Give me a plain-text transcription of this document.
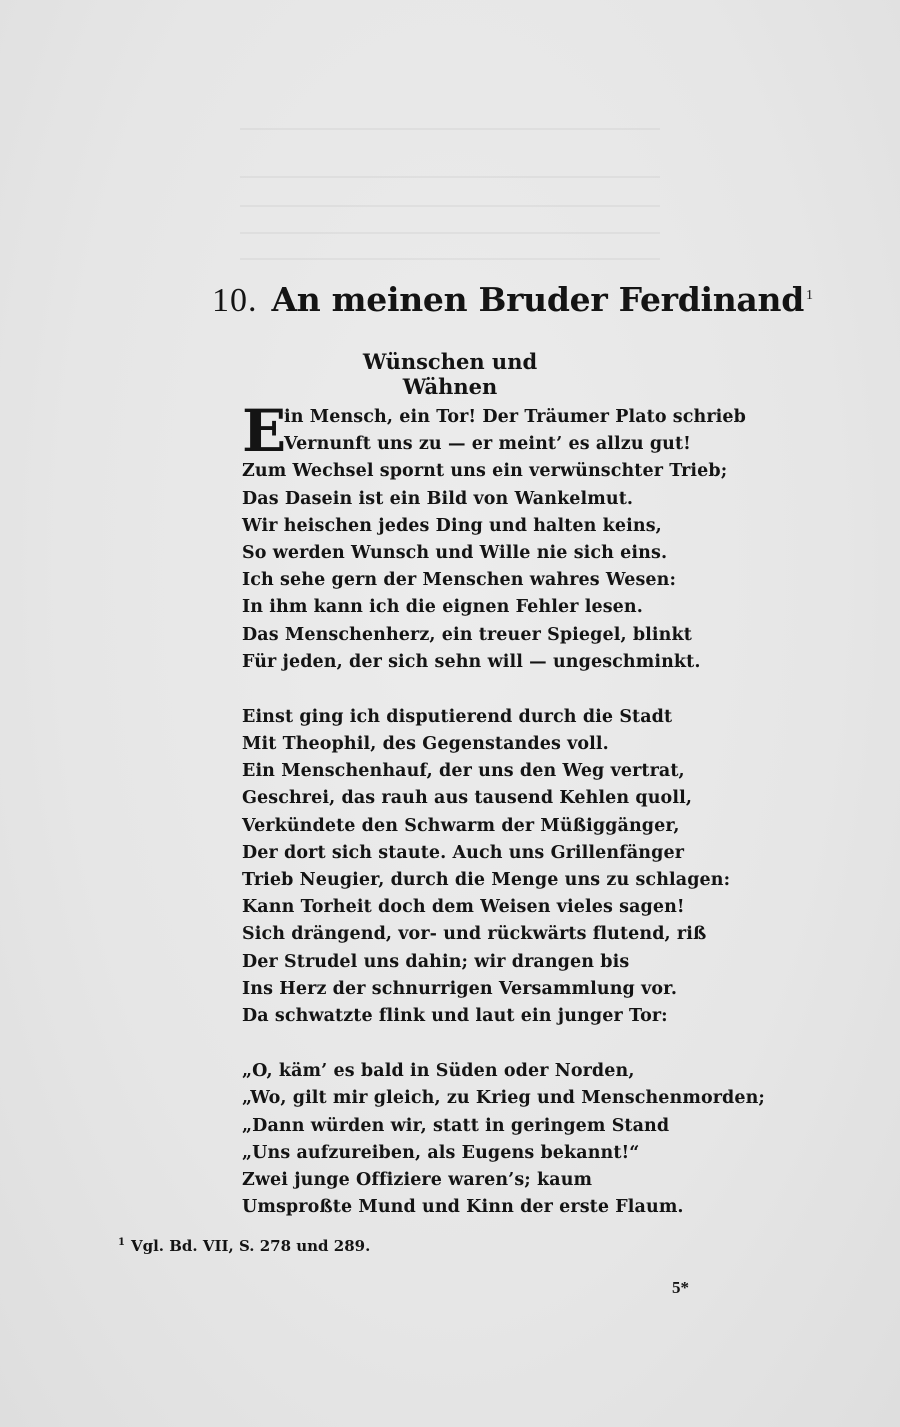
10. An meinen Bruder Ferdinand $^1$
Wünschen und Wähnen
E
in Mensch, ein Tor! Der Träumer Plato schrieb
Vernunft uns zu — er meint’ es allzu gut!
Zum Wechsel spornt uns ein verwünschter Trieb;
Das Dasein ist ein Bild von Wankelmut.
Wir heischen jedes Ding und halten keins,
So werden Wunsch und Wille nie sich eins.
Ich sehe gern der Menschen wahres Wesen:
In ihm kann ich die eignen Fehler lesen.
Das Menschenherz, ein treuer Spiegel, blinkt
Für jeden, der sich sehn will — ungeschminkt.
Einst ging ich disputierend durch die Stadt
Mit Theophil, des Gegenstandes voll.
Ein Menschenhauf, der uns den Weg vertrat,
Geschrei, das rauh aus tausend Kehlen quoll,
Verkündete den Schwarm der Müßiggänger,
Der dort sich staute. Auch uns Grillenfänger
Trieb Neugier, durch die Menge uns zu schlagen:
Kann Torheit doch dem Weisen vieles sagen!
Sich drängend, vor- und rückwärts flutend, riß
Der Strudel uns dahin; wir drangen bis
Ins Herz der schnurrigen Versammlung vor.
Da schwatzte flink und laut ein junger Tor:
„O, käm’ es bald in Süden oder Norden,
„Wo, gilt mir gleich, zu Krieg und Menschenmorden;
„Dann würden wir, statt in geringem Stand
„Uns aufzureiben, als Eugens bekannt!“
Zwei junge Offiziere waren’s; kaum
Umsproßte Mund und Kinn der erste Flaum.
$^1$ Vgl. Bd. VII, S. 278 und 289.
5*
